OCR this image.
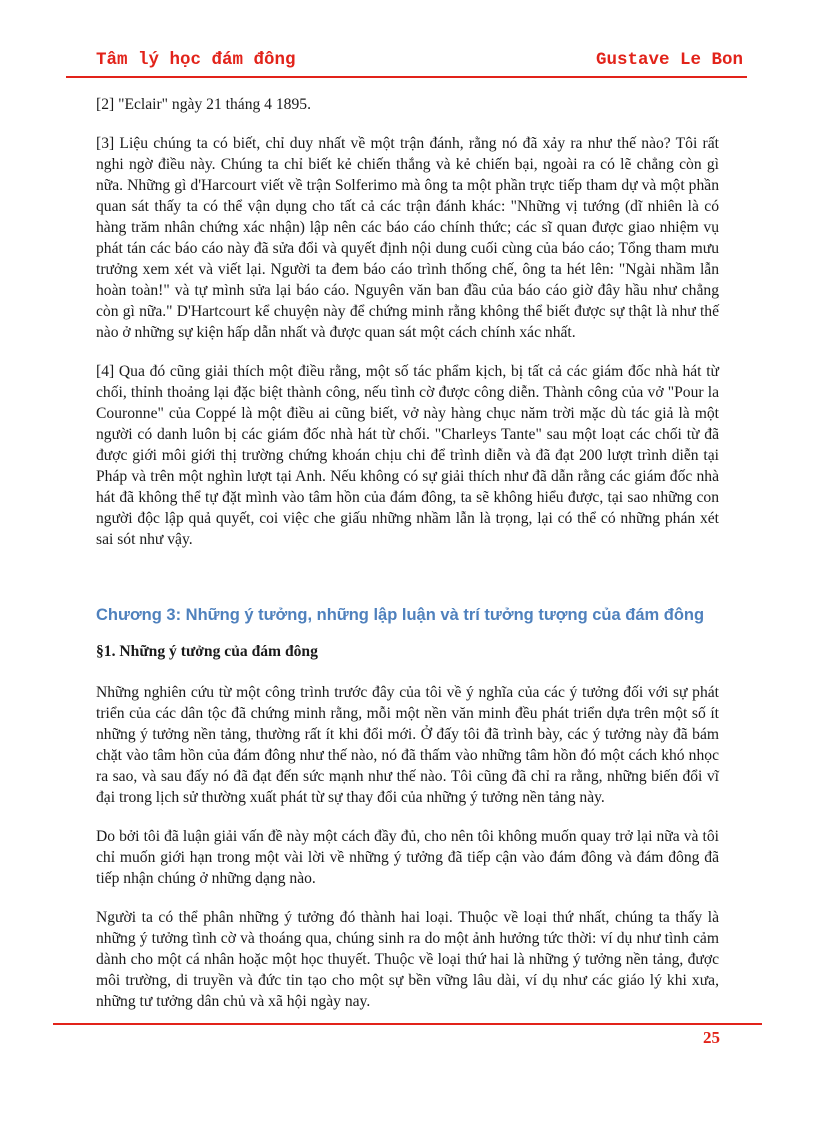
Tâm lý học đám đông	Gustave Le Bon

[2] "Eclair" ngày 21 tháng 4 1895.

[3] Liệu chúng ta có biết, chỉ duy nhất về một trận đánh, rằng nó đã xảy ra như thế nào? Tôi rất nghi ngờ điều này. Chúng ta chỉ biết kẻ chiến thắng và kẻ chiến bại, ngoài ra có lẽ chẳng còn gì nữa. Những gì d'Harcourt viết về trận Solferimo mà ông ta một phần trực tiếp tham dự và một phần quan sát thấy ta có thể vận dụng cho tất cả các trận đánh khác: "Những vị tướng (dĩ nhiên là có hàng trăm nhân chứng xác nhận) lập nên các báo cáo chính thức; các sĩ quan được giao nhiệm vụ phát tán các báo cáo này đã sửa đổi và quyết định nội dung cuối cùng của báo cáo; Tổng tham mưu trưởng xem xét và viết lại. Người ta đem báo cáo trình thống chế, ông ta hét lên: "Ngài nhầm lẫn hoàn toàn!" và tự mình sửa lại báo cáo. Nguyên văn ban đầu của báo cáo giờ đây hầu như chẳng còn gì nữa." D'Hartcourt kể chuyện này để chứng minh rằng không thể biết được sự thật là như thế nào ở những sự kiện hấp dẫn nhất và được quan sát một cách chính xác nhất.

[4] Qua đó cũng giải thích một điều rằng, một số tác phẩm kịch, bị tất cả các giám đốc nhà hát từ chối, thỉnh thoảng lại đặc biệt thành công, nếu tình cờ được công diễn. Thành công của vở "Pour la Couronne" của Coppé là một điều ai cũng biết, vở này hàng chục năm trời mặc dù tác giả là một người có danh luôn bị các giám đốc nhà hát từ chối. "Charleys Tante" sau một loạt các chối từ đã được giới môi giới thị trường chứng khoán chịu chi để trình diễn và đã đạt 200 lượt trình diễn tại Pháp và trên một nghìn lượt tại Anh. Nếu không có sự giải thích như đã dẫn rằng các giám đốc nhà hát đã không thể tự đặt mình vào tâm hồn của đám đông, ta sẽ không hiểu được, tại sao những con người độc lập quả quyết, coi việc che giấu những nhầm lẫn là trọng, lại có thể có những phán xét sai sót như vậy.

Chương 3: Những ý tưởng, những lập luận và trí tưởng tượng của đám đông
§1. Những ý tưởng của đám đông

Những nghiên cứu từ một công trình trước đây của tôi về ý nghĩa của các ý tưởng đối với sự phát triển của các dân tộc đã chứng minh rằng, mỗi một nền văn minh đều phát triển dựa trên một số ít những ý tưởng nền tảng, thường rất ít khi đổi mới. Ở đấy tôi đã trình bày, các ý tưởng này đã bám chặt vào tâm hồn của đám đông như thế nào, nó đã thấm vào những tâm hồn đó một cách khó nhọc ra sao, và sau đấy nó đã đạt đến sức mạnh như thế nào. Tôi cũng đã chỉ ra rằng, những biến đổi vĩ đại trong lịch sử thường xuất phát từ sự thay đổi của những ý tưởng nền tảng này.

Do bởi tôi đã luận giải vấn đề này một cách đầy đủ, cho nên tôi không muốn quay trở lại nữa và tôi chỉ muốn giới hạn trong một vài lời về những ý tưởng đã tiếp cận vào đám đông và đám đông đã tiếp nhận chúng ở những dạng nào.

Người ta có thể phân những ý tưởng đó thành hai loại. Thuộc về loại thứ nhất, chúng ta thấy là những ý tưởng tình cờ và thoáng qua, chúng sinh ra do một ảnh hưởng tức thời: ví dụ như tình cảm dành cho một cá nhân hoặc một học thuyết. Thuộc về loại thứ hai là những ý tưởng nền tảng, được môi trường, di truyền và đức tin tạo cho một sự bền vững lâu dài, ví dụ như các giáo lý khi xưa, những tư tưởng dân chủ và xã hội ngày nay.

25
